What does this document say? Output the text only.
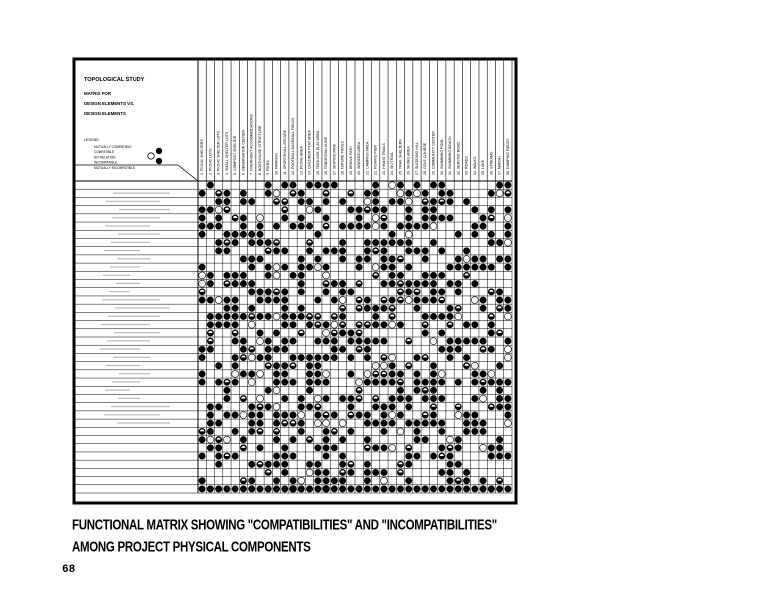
TOPOLOGICAL STUDY
MATRIX FOR
DESIGN ELEMENTS VS.
DESIGN ELEMENTS
LEGEND
MUTUALLY COMPATIBLE
COMPATIBLE
NO RELATION
INCOMPATIBLE
MUTUALLY INCOMPATIBLE	1. PICNIC SHELTERS 2. PICNIC LOTS 3. PICNIC SHELTER LOTS 4. SMALL SHELTER LOTS 5. COMPOST SHELTER 6. OBSERVATION CENTER 7. OVERNIGHT ACCOMMODATIONS 8. BOATHOUSE STRUCTURE 9. PIERS 10. PARKING 11. SPORTSHALL ARCADE 12. FOOTBALL BASEBALL FIELDS 13. PICNIC AREA 14. CHILDREN PLAY AREA 15. TEEN AGE PLAY AREA 16. TOBOGGAN SLIDE 17. SKATING RINK 18. NATURE TRAILS 19. BRIDLE PATH 20. WOODED AREA 21. CAMPING AREA 22. FISHING PIER 23. HIKING TRAILS 24. SKI TRAIL 25. TRAIL SHELTERS 26. SKIING AREA 27. SLEDDING HILL 28. GOLF COURSE 29. COMMUNITY CENTER 30. SWIMMING POOL 31. SWIMMING BEACH 32. SERVICE ROAD 33. ROADS 34. WALKS 35. LAKE 36. STREAMS 37. MARSH 38. DUMPING FIELDS
FUNCTIONAL MATRIX SHOWING "COMPATIBILITIES" AND "INCOMPATIBILITIES"
AMONG PROJECT PHYSICAL COMPONENTS
68
